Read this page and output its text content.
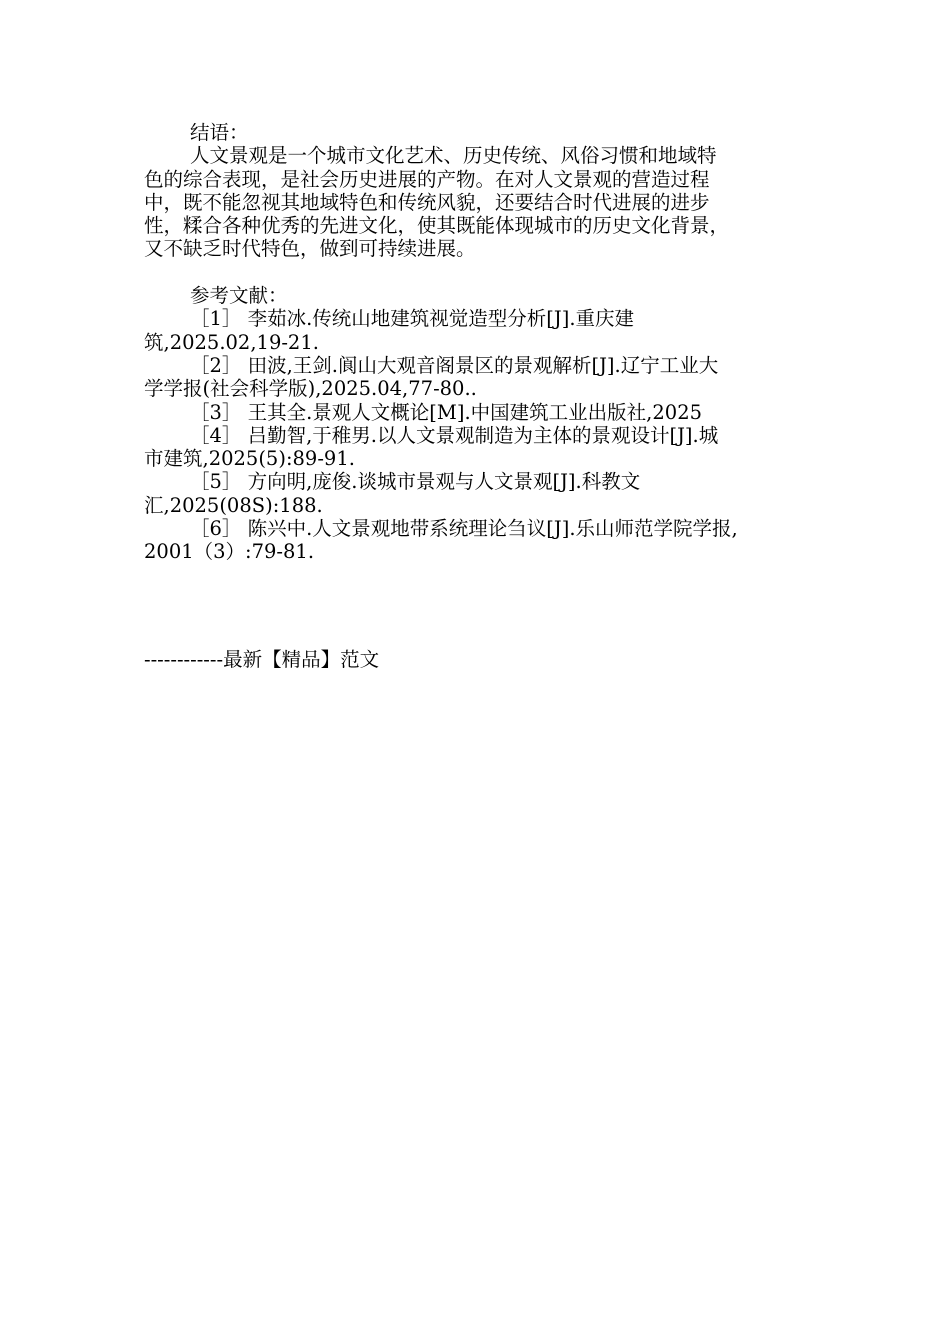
结语：
人文景观是一个城市文化艺术、历史传统、风俗习惯和地域特
色的综合表现，是社会历史进展的产物。在对人文景观的营造过程
中，既不能忽视其地域特色和传统风貌，还要结合时代进展的进步
性，糅合各种优秀的先进文化，使其既能体现城市的历史文化背景，
又不缺乏时代特色，做到可持续进展。
参考文献：
［1］ 李茹冰.传统山地建筑视觉造型分析[J].重庆建
筑,2025.02,19-21.
［2］ 田波,王剑.阆山大观音阁景区的景观解析[J].辽宁工业大
学学报(社会科学版),2025.04,77-80..
［3］ 王其全.景观人文概论[M].中国建筑工业出版社,2025
［4］ 吕勤智,于稚男.以人文景观制造为主体的景观设计[J].城
市建筑,2025(5):89-91.
［5］ 方向明,庞俊.谈城市景观与人文景观[J].科教文
汇,2025(08S):188.
［6］ 陈兴中.人文景观地带系统理论刍议[J].乐山师范学院学报,
2001（3）:79-81.
------------最新【精品】范文
